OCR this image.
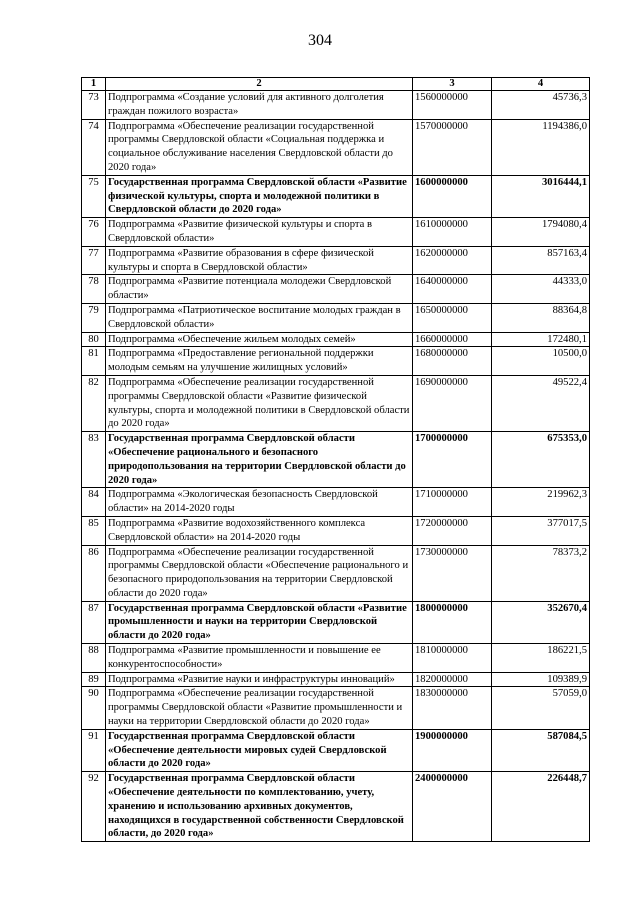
304
1	2	3	4
73	Подпрограмма «Создание условий для активного долголетия граждан пожилого возраста»	1560000000	45736,3
74	Подпрограмма «Обеспечение реализации государственной программы Свердловской области «Социальная поддержка и социальное обслуживание населения Свердловской области до 2020 года»	1570000000	1194386,0
75	Государственная программа Свердловской области «Развитие физической культуры, спорта и молодежной политики в Свердловской области до 2020 года»	1600000000	3016444,1
76	Подпрограмма «Развитие физической культуры и спорта в Свердловской области»	1610000000	1794080,4
77	Подпрограмма «Развитие образования в сфере физической культуры и спорта в Свердловской области»	1620000000	857163,4
78	Подпрограмма «Развитие потенциала молодежи Свердловской области»	1640000000	44333,0
79	Подпрограмма «Патриотическое воспитание молодых граждан в Свердловской области»	1650000000	88364,8
80	Подпрограмма «Обеспечение жильем молодых семей»	1660000000	172480,1
81	Подпрограмма «Предоставление региональной поддержки молодым семьям на улучшение жилищных условий»	1680000000	10500,0
82	Подпрограмма «Обеспечение реализации государственной программы Свердловской области «Развитие физической культуры, спорта и молодежной политики в Свердловской области до 2020 года»	1690000000	49522,4
83	Государственная программа Свердловской области «Обеспечение рационального и безопасного природопользования на территории Свердловской области до 2020 года»	1700000000	675353,0
84	Подпрограмма «Экологическая безопасность Свердловской области» на 2014-2020 годы	1710000000	219962,3
85	Подпрограмма «Развитие водохозяйственного комплекса Свердловской области» на 2014-2020 годы	1720000000	377017,5
86	Подпрограмма «Обеспечение реализации государственной программы Свердловской области «Обеспечение рационального и безопасного природопользования на территории Свердловской области до 2020 года»	1730000000	78373,2
87	Государственная программа Свердловской области «Развитие промышленности и науки на территории Свердловской области до 2020 года»	1800000000	352670,4
88	Подпрограмма «Развитие промышленности и повышение ее конкурентоспособности»	1810000000	186221,5
89	Подпрограмма «Развитие науки и инфраструктуры инноваций»	1820000000	109389,9
90	Подпрограмма «Обеспечение реализации государственной программы Свердловской области «Развитие промышленности и науки на территории Свердловской области до 2020 года»	1830000000	57059,0
91	Государственная программа Свердловской области «Обеспечение деятельности мировых судей Свердловской области до 2020 года»	1900000000	587084,5
92	Государственная программа Свердловской области «Обеспечение деятельности по комплектованию, учету, хранению и использованию архивных документов, находящихся в государственной собственности Свердловской области, до 2020 года»	2400000000	226448,7
